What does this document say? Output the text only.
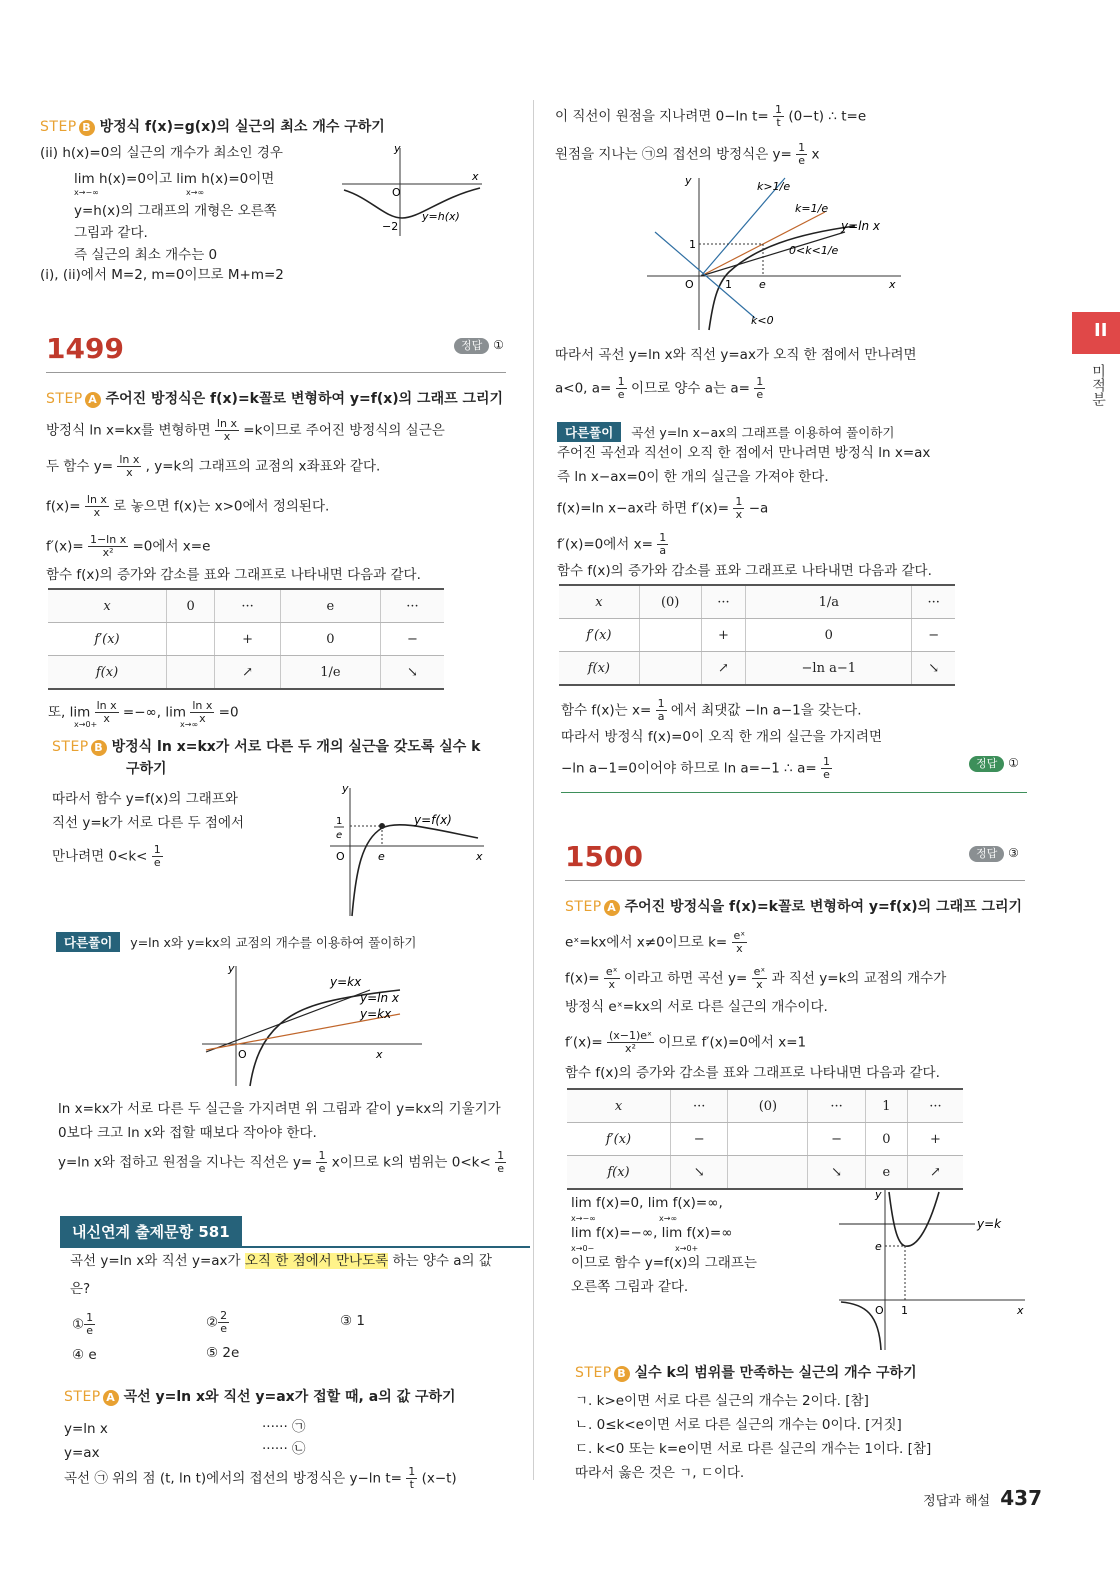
STEP B 방정식 f(x)=g(x)의 실근의 최소 개수 구하기
(ii) h(x)=0의 실근의 개수가 최소인 경우
lim h(x)=0이고 lim h(x)=0이면
x→−∞	x→∞
y=h(x)의 그래프의 개형은 오른쪽
그림과 같다.
즉 실근의 최소 개수는 0
(i), (ii)에서 M=2, m=0이므로 M+m=2
y
O
x
−2
y=h(x)
1499	정답 ①
STEP A 주어진 방정식은 f(x)=k꼴로 변형하여 y=f(x)의 그래프 그리기
방정식 ln x=kx를 변형하면 $\frac{\text{ln x}}{x} =k$이므로 주어진 방정식의 실근은
두 함수 $y= \frac{\text{ln x}}{x}$ , y=k의 그래프의 교점의 x좌표와 같다.
$f(x)= \frac{\text{ln x}}{x}$ 로 놓으면 f(x)는 x>0에서 정의된다.
$f'(x)= \frac{\text{1−ln x}}{\text{x²}} =0$에서 x=e
함수 f(x)의 증가와 감소를 표와 그래프로 나타내면 다음과 같다.
x	0	···	e	···
f′(x)		+	0	−
f(x)		↗	1/e	↘
또, $\lim \frac{\text{ln x}}{x}$ =−∞, $\lim \frac{\text{ln x}}{x} =0$
x→0+	x→∞
STEP B 방정식 ln x=kx가 서로 다른 두 개의 실근을 갖도록 실수 k
구하기
따라서 함수 y=f(x)의 그래프와
직선 y=k가 서로 다른 두 점에서
만나려면 $0<k< \frac{1}{e}$
y
O	x
e
1
e
y=f(x)
다른풀이 y=ln x와 y=kx의 교점의 개수를 이용하여 풀이하기
y
O	x
y=kx
y=ln x
y=kx
ln x=kx가 서로 다른 두 실근을 가지려면 위 그림과 같이 y=kx의 기울기가
0보다 크고 ln x와 접할 때보다 작아야 한다.
y=ln x와 접하고 원점을 지나는 직선은 $y= \frac{1}{e}$ x이므로 k의 범위는 $0<k< \frac{1}{e}$
내신연계 출제문항 581
곡선 y=ln x와 직선 y=ax가 오직 한 점에서 만나도록 하는 양수 a의 값
은?
① $\frac{1}{e}$	② $\frac{2}{e}$	③ 1
④ e	⑤ 2e
STEP A 곡선 y=ln x와 직선 y=ax가 접할 때, a의 값 구하기
y=ln x	······ ㉠
y=ax	······ ㉡
곡선 ㉠ 위의 점 (t, ln t)에서의 접선의 방정식은 y−ln $t= \frac{1}{t} (x-t)$
이 직선이 원점을 지나려면 0−ln $t= \frac{1}{t} (0-t)$ ∴ t=e
원점을 지나는 ㉠의 접선의 방정식은 $y= \frac{1}{e}$ x
y
O	x
1
1 e
k>1/e
k=1/e
y=ln x
0<k<1/e
k<0
따라서 곡선 y=ln x와 직선 y=ax가 오직 한 점에서 만나려면
a<0, $a= \frac{1}{e}$ 이므로 양수 a는 $a= \frac{1}{e}$
다른풀이 곡선 y=ln x−ax의 그래프를 이용하여 풀이하기
주어진 곡선과 직선이 오직 한 점에서 만나려면 방정식 ln x=ax
즉 ln x−ax=0이 한 개의 실근을 가져야 한다.
f(x)=ln x−ax라 하면 $f'(x)= \frac{1}{x} -a$
f′(x)=0에서 $x= \frac{1}{a}$
함수 f(x)의 증가와 감소를 표와 그래프로 나타내면 다음과 같다.
x	(0)	···	1/a	···
f′(x)		+	0	−
f(x)		↗	−ln a−1	↘
함수 f(x)는 $x= \frac{1}{a}$ 에서 최댓값 −ln a−1을 갖는다.
따라서 방정식 f(x)=0이 오직 한 개의 실근을 가지려면
−ln a−1=0이어야 하므로 ln a=−1 ∴ $a= \frac{1}{e}$	정답 ①
1500	정답 ③
STEP A 주어진 방정식을 f(x)=k꼴로 변형하여 y=f(x)의 그래프 그리기
eˣ=kx에서 x≠0이므로 $k= \frac{\text{eˣ}}{x}$
$f(x)= \frac{\text{eˣ}}{x}$ 이라고 하면 곡선 $y= \frac{\text{eˣ}}{x}$ 과 직선 y=k의 교점의 개수가
방정식 eˣ=kx의 서로 다른 실근의 개수이다.
$f'(x)= \frac{\text{(x−1)eˣ}}{\text{x²}}$ 이므로 f′(x)=0에서 x=1
함수 f(x)의 증가와 감소를 표와 그래프로 나타내면 다음과 같다.
x	···	(0)	···	1	···
f′(x)	−		−	0	+
f(x)	↘		↘	e	↗
lim f(x)=0, lim f(x)=∞,
x→−∞	x→∞
lim f(x)=−∞, lim f(x)=∞
x→0−	x→0+
이므로 함수 y=f(x)의 그래프는
오른쪽 그림과 같다.
y
O	x
e
1
y=k
STEP B 실수 k의 범위를 만족하는 실근의 개수 구하기
ㄱ. k>e이면 서로 다른 실근의 개수는 2이다. [참]
ㄴ. 0≤k<e이면 서로 다른 실근의 개수는 0이다. [거짓]
ㄷ. k<0 또는 k=e이면 서로 다른 실근의 개수는 1이다. [참]
따라서 옳은 것은 ㄱ, ㄷ이다.
II
미적분
정답과 해설 437
